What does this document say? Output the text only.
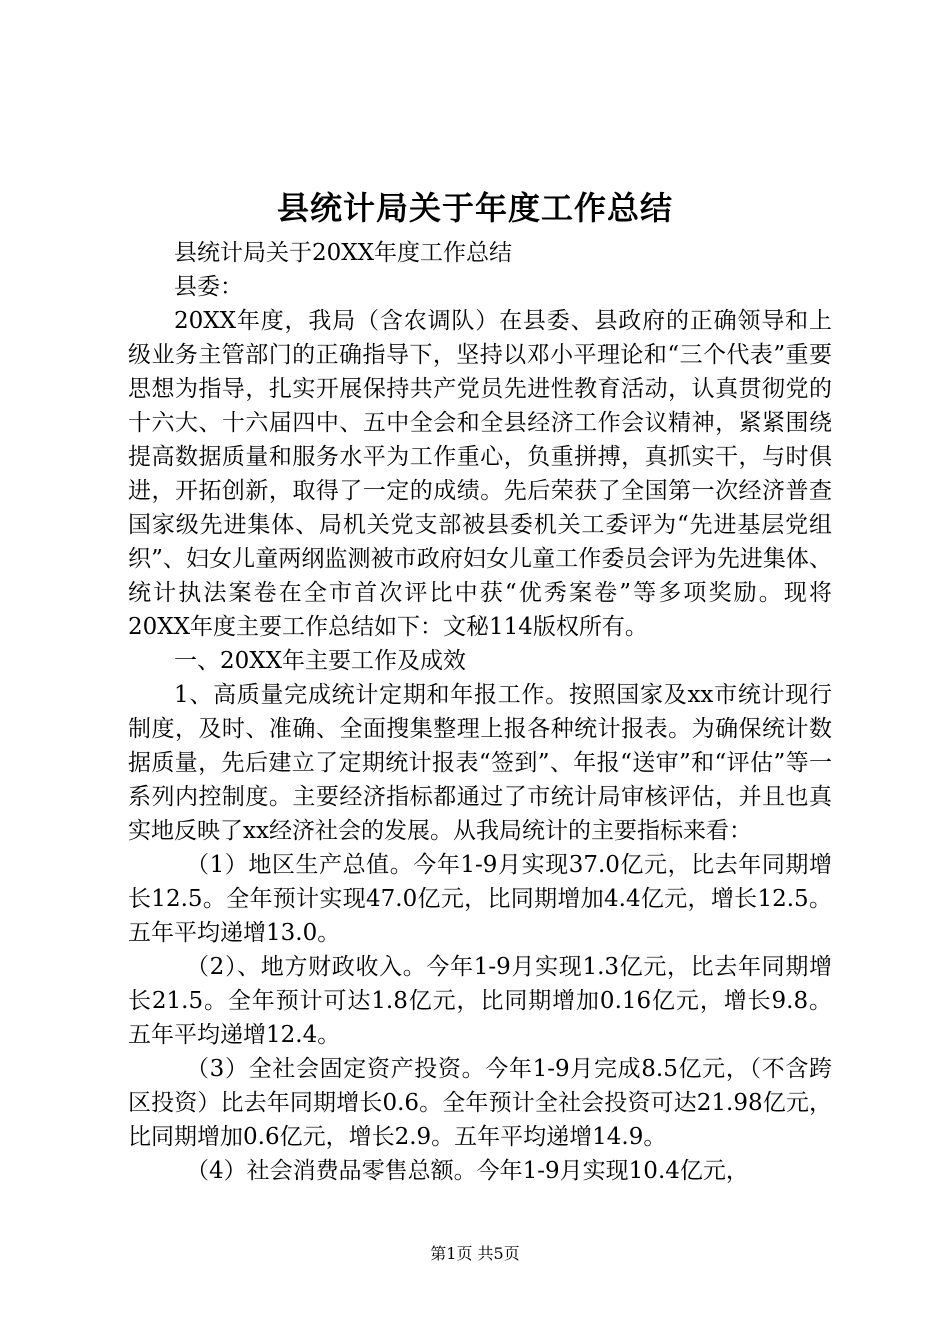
县统计局关于年度工作总结

县统计局关于20XX年度工作总结

县委：

20XX年度，我局（含农调队）在县委、县政府的正确领导和上级业务主管部门的正确指导下，坚持以邓小平理论和“三个代表”重要思想为指导，扎实开展保持共产党员先进性教育活动，认真贯彻党的十六大、十六届四中、五中全会和全县经济工作会议精神，紧紧围绕提高数据质量和服务水平为工作重心，负重拼搏，真抓实干，与时俱进，开拓创新，取得了一定的成绩。先后荣获了全国第一次经济普查国家级先进集体、局机关党支部被县委机关工委评为“先进基层党组织”、妇女儿童两纲监测被市政府妇女儿童工作委员会评为先进集体、统计执法案卷在全市首次评比中获“优秀案卷”等多项奖励。现将20XX年度主要工作总结如下：文秘114版权所有。

一、20XX年主要工作及成效

1、高质量完成统计定期和年报工作。按照国家及xx市统计现行制度，及时、准确、全面搜集整理上报各种统计报表。为确保统计数据质量，先后建立了定期统计报表“签到”、年报“送审”和“评估”等一系列内控制度。主要经济指标都通过了市统计局审核评估，并且也真实地反映了xx经济社会的发展。从我局统计的主要指标来看：

（1）地区生产总值。今年1-9月实现37.0亿元，比去年同期增长12.5。全年预计实现47.0亿元，比同期增加4.4亿元，增长12.5。五年平均递增13.0。

（2）、地方财政收入。今年1-9月实现1.3亿元，比去年同期增长21.5。全年预计可达1.8亿元，比同期增加0.16亿元，增长9.8。五年平均递增12.4。

（3）全社会固定资产投资。今年1-9月完成8.5亿元，（不含跨区投资）比去年同期增长0.6。全年预计全社会投资可达21.98亿元，比同期增加0.6亿元，增长2.9。五年平均递增14.9。

（4）社会消费品零售总额。今年1-9月实现10.4亿元，

第1页 共5页
